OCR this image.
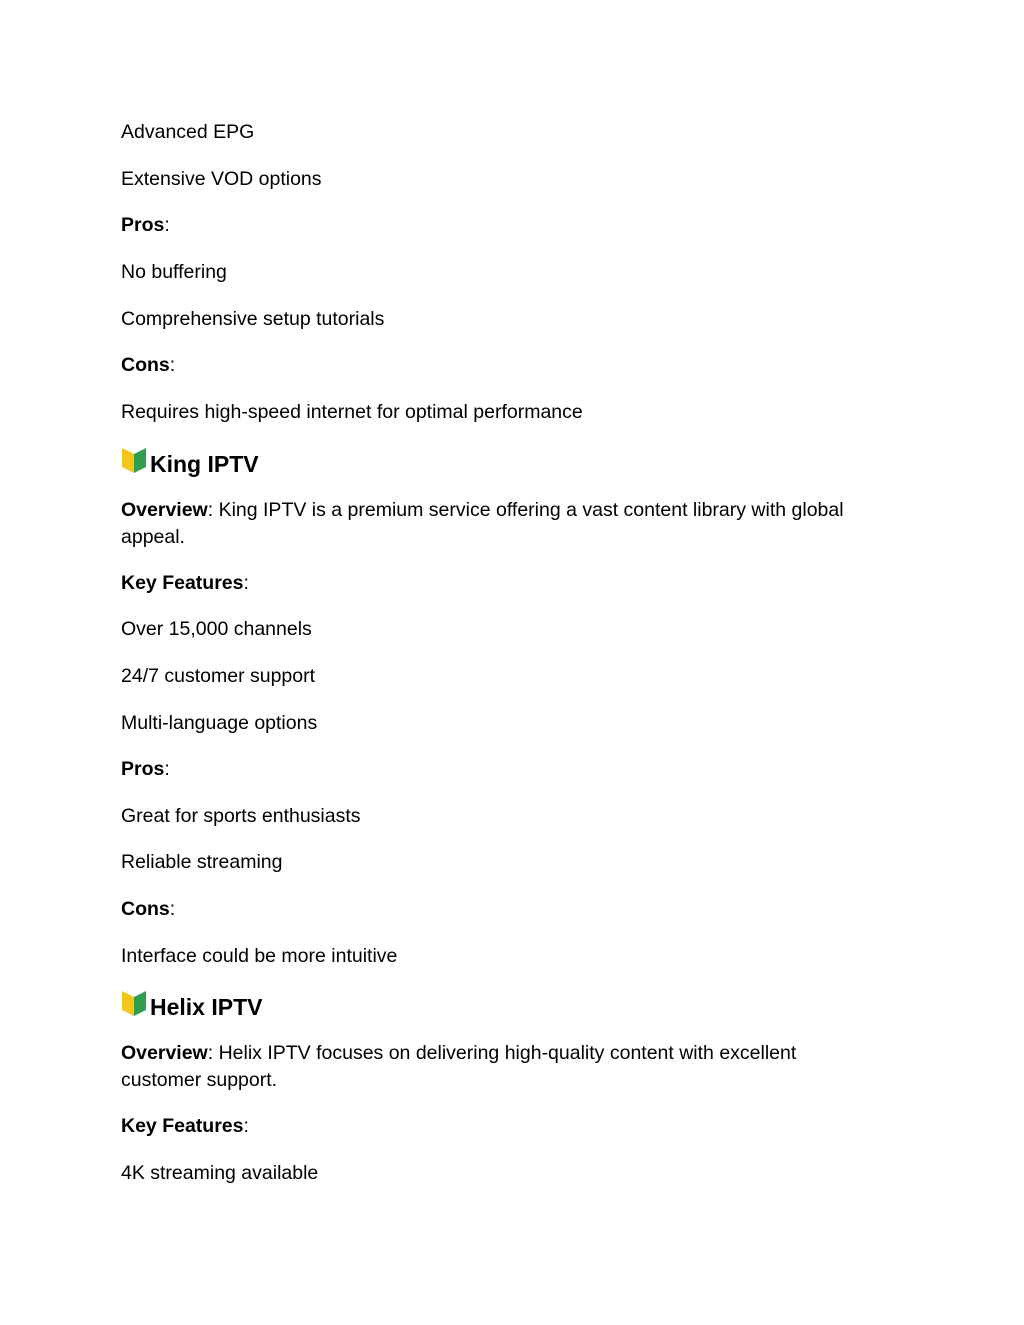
Advanced EPG
Extensive VOD options
Pros:
No buffering
Comprehensive setup tutorials
Cons:
Requires high-speed internet for optimal performance
King IPTV
Overview: King IPTV is a premium service offering a vast content library with global appeal.
Key Features:
Over 15,000 channels
24/7 customer support
Multi-language options
Pros:
Great for sports enthusiasts
Reliable streaming
Cons:
Interface could be more intuitive
Helix IPTV
Overview: Helix IPTV focuses on delivering high-quality content with excellent customer support.
Key Features:
4K streaming available
